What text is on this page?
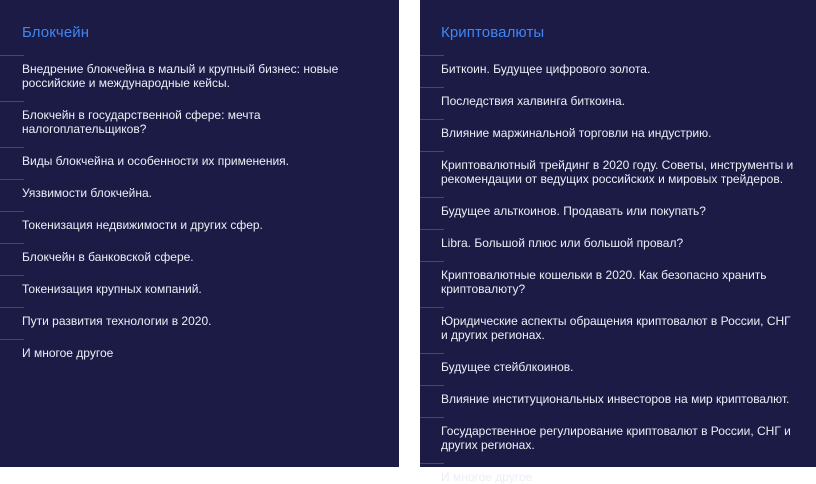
Блокчейн
Внедрение блокчейна в малый и крупный бизнес: новые российские и международные кейсы.
Блокчейн в государственной сфере: мечта налогоплательщиков?
Виды блокчейна и особенности их применения.
Уязвимости блокчейна.
Токенизация недвижимости и других сфер.
Блокчейн в банковской сфере.
Токенизация крупных компаний.
Пути развития технологии в 2020.
И многое другое
Криптовалюты
Биткоин. Будущее цифрового золота.
Последствия халвинга биткоина.
Влияние маржинальной торговли на индустрию.
Криптовалютный трейдинг в 2020 году. Советы, инструменты и рекомендации от ведущих российских и мировых трейдеров.
Будущее альткоинов. Продавать или покупать?
Libra. Большой плюс или большой провал?
Криптовалютные кошельки в 2020. Как безопасно хранить криптовалюту?
Юридические аспекты обращения криптовалют в России, СНГ и других регионах.
Будущее стейблкоинов.
Влияние институциональных инвесторов на мир криптовалют.
Государственное регулирование криптовалют в России, СНГ и других регионах.
И многое другое
